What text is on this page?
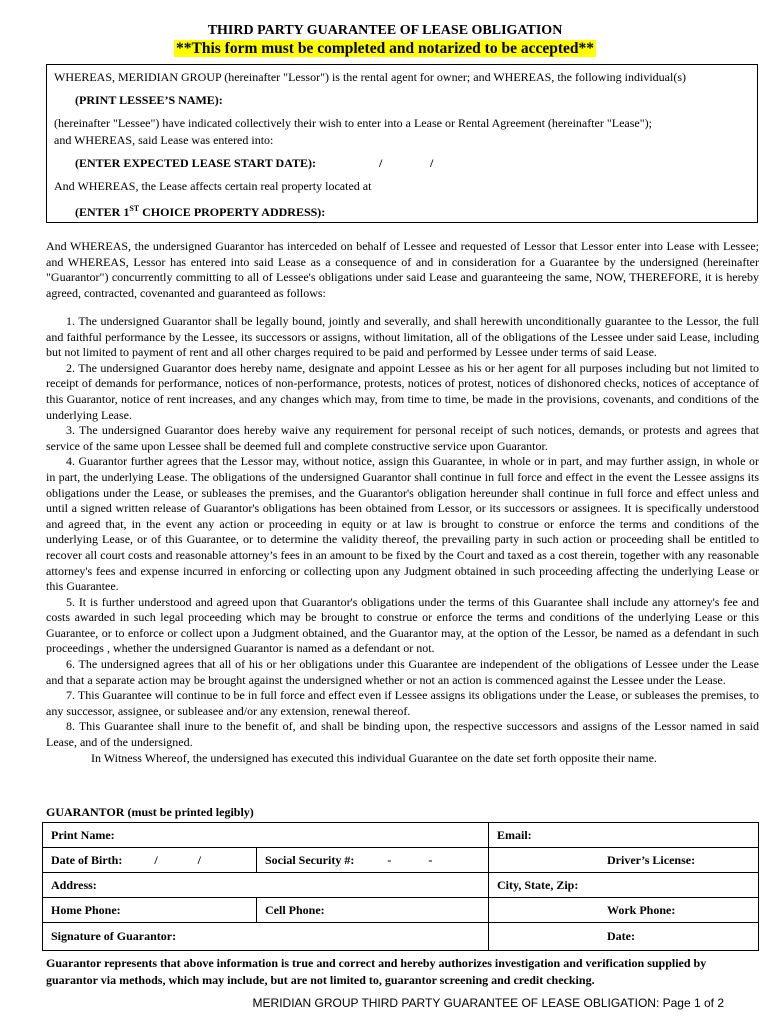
THIRD PARTY GUARANTEE OF LEASE OBLIGATION
**This form must be completed and notarized to be accepted**
WHEREAS, MERIDIAN GROUP (hereinafter "Lessor") is the rental agent for owner; and WHEREAS, the following individual(s)
(PRINT LESSEE’S NAME):
(hereinafter "Lessee") have indicated collectively their wish to enter into a Lease or Rental Agreement (hereinafter "Lease");
and WHEREAS, said Lease was entered into:
(ENTER EXPECTED LEASE START DATE):	/	/
And WHEREAS, the Lease affects certain real property located at
(ENTER 1ST CHOICE PROPERTY ADDRESS):

And WHEREAS, the undersigned Guarantor has interceded on behalf of Lessee and requested of Lessor that Lessor enter into Lease with Lessee; and WHEREAS, Lessor has entered into said Lease as a consequence of and in consideration for a Guarantee by the undersigned (hereinafter "Guarantor") concurrently committing to all of Lessee's obligations under said Lease and guaranteeing the same, NOW, THEREFORE, it is hereby agreed, contracted, covenanted and guaranteed as follows:

1. The undersigned Guarantor shall be legally bound, jointly and severally, and shall herewith unconditionally guarantee to the Lessor, the full and faithful performance by the Lessee, its successors or assigns, without limitation, all of the obligations of the Lessee under said Lease, including but not limited to payment of rent and all other charges required to be paid and performed by Lessee under terms of said Lease.

2. The undersigned Guarantor does hereby name, designate and appoint Lessee as his or her agent for all purposes including but not limited to receipt of demands for performance, notices of non-performance, protests, notices of protest, notices of dishonored checks, notices of acceptance of this Guarantor, notice of rent increases, and any changes which may, from time to time, be made in the provisions, covenants, and conditions of the underlying Lease.

3. The undersigned Guarantor does hereby waive any requirement for personal receipt of such notices, demands, or protests and agrees that service of the same upon Lessee shall be deemed full and complete constructive service upon Guarantor.

4. Guarantor further agrees that the Lessor may, without notice, assign this Guarantee, in whole or in part, and may further assign, in whole or in part, the underlying Lease. The obligations of the undersigned Guarantor shall continue in full force and effect in the event the Lessee assigns its obligations under the Lease, or subleases the premises, and the Guarantor's obligation hereunder shall continue in full force and effect unless and until a signed written release of Guarantor's obligations has been obtained from Lessor, or its successors or assignees. It is specifically understood and agreed that, in the event any action or proceeding in equity or at law is brought to construe or enforce the terms and conditions of the underlying Lease, or of this Guarantee, or to determine the validity thereof, the prevailing party in such action or proceeding shall be entitled to recover all court costs and reasonable attorney’s fees in an amount to be fixed by the Court and taxed as a cost therein, together with any reasonable attorney's fees and expense incurred in enforcing or collecting upon any Judgment obtained in such proceeding affecting the underlying Lease or this Guarantee.

5. It is further understood and agreed upon that Guarantor's obligations under the terms of this Guarantee shall include any attorney's fee and costs awarded in such legal proceeding which may be brought to construe or enforce the terms and conditions of the underlying Lease or this Guarantee, or to enforce or collect upon a Judgment obtained, and the Guarantor may, at the option of the Lessor, be named as a defendant in such proceedings , whether the undersigned Guarantor is named as a defendant or not.

6. The undersigned agrees that all of his or her obligations under this Guarantee are independent of the obligations of Lessee under the Lease and that a separate action may be brought against the undersigned whether or not an action is commenced against the Lessee under the Lease.

7. This Guarantee will continue to be in full force and effect even if Lessee assigns its obligations under the Lease, or subleases the premises, to any successor, assignee, or subleasee and/or any extension, renewal thereof.

8. This Guarantee shall inure to the benefit of, and shall be binding upon, the respective successors and assigns of the Lessor named in said Lease, and of the undersigned.

In Witness Whereof, the undersigned has executed this individual Guarantee on the date set forth opposite their name.

GUARANTOR (must be printed legibly)
Print Name:		Email:
Date of Birth: / /	Social Security #: - -	Driver’s License:
Address:		City, State, Zip:
Home Phone:	Cell Phone:	Work Phone:
Signature of Guarantor:		Date:
Guarantor represents that above information is true and correct and hereby authorizes investigation and verification supplied by guarantor via methods, which may include, but are not limited to, guarantor screening and credit checking.
MERIDIAN GROUP THIRD PARTY GUARANTEE OF LEASE OBLIGATION: Page 1 of 2
